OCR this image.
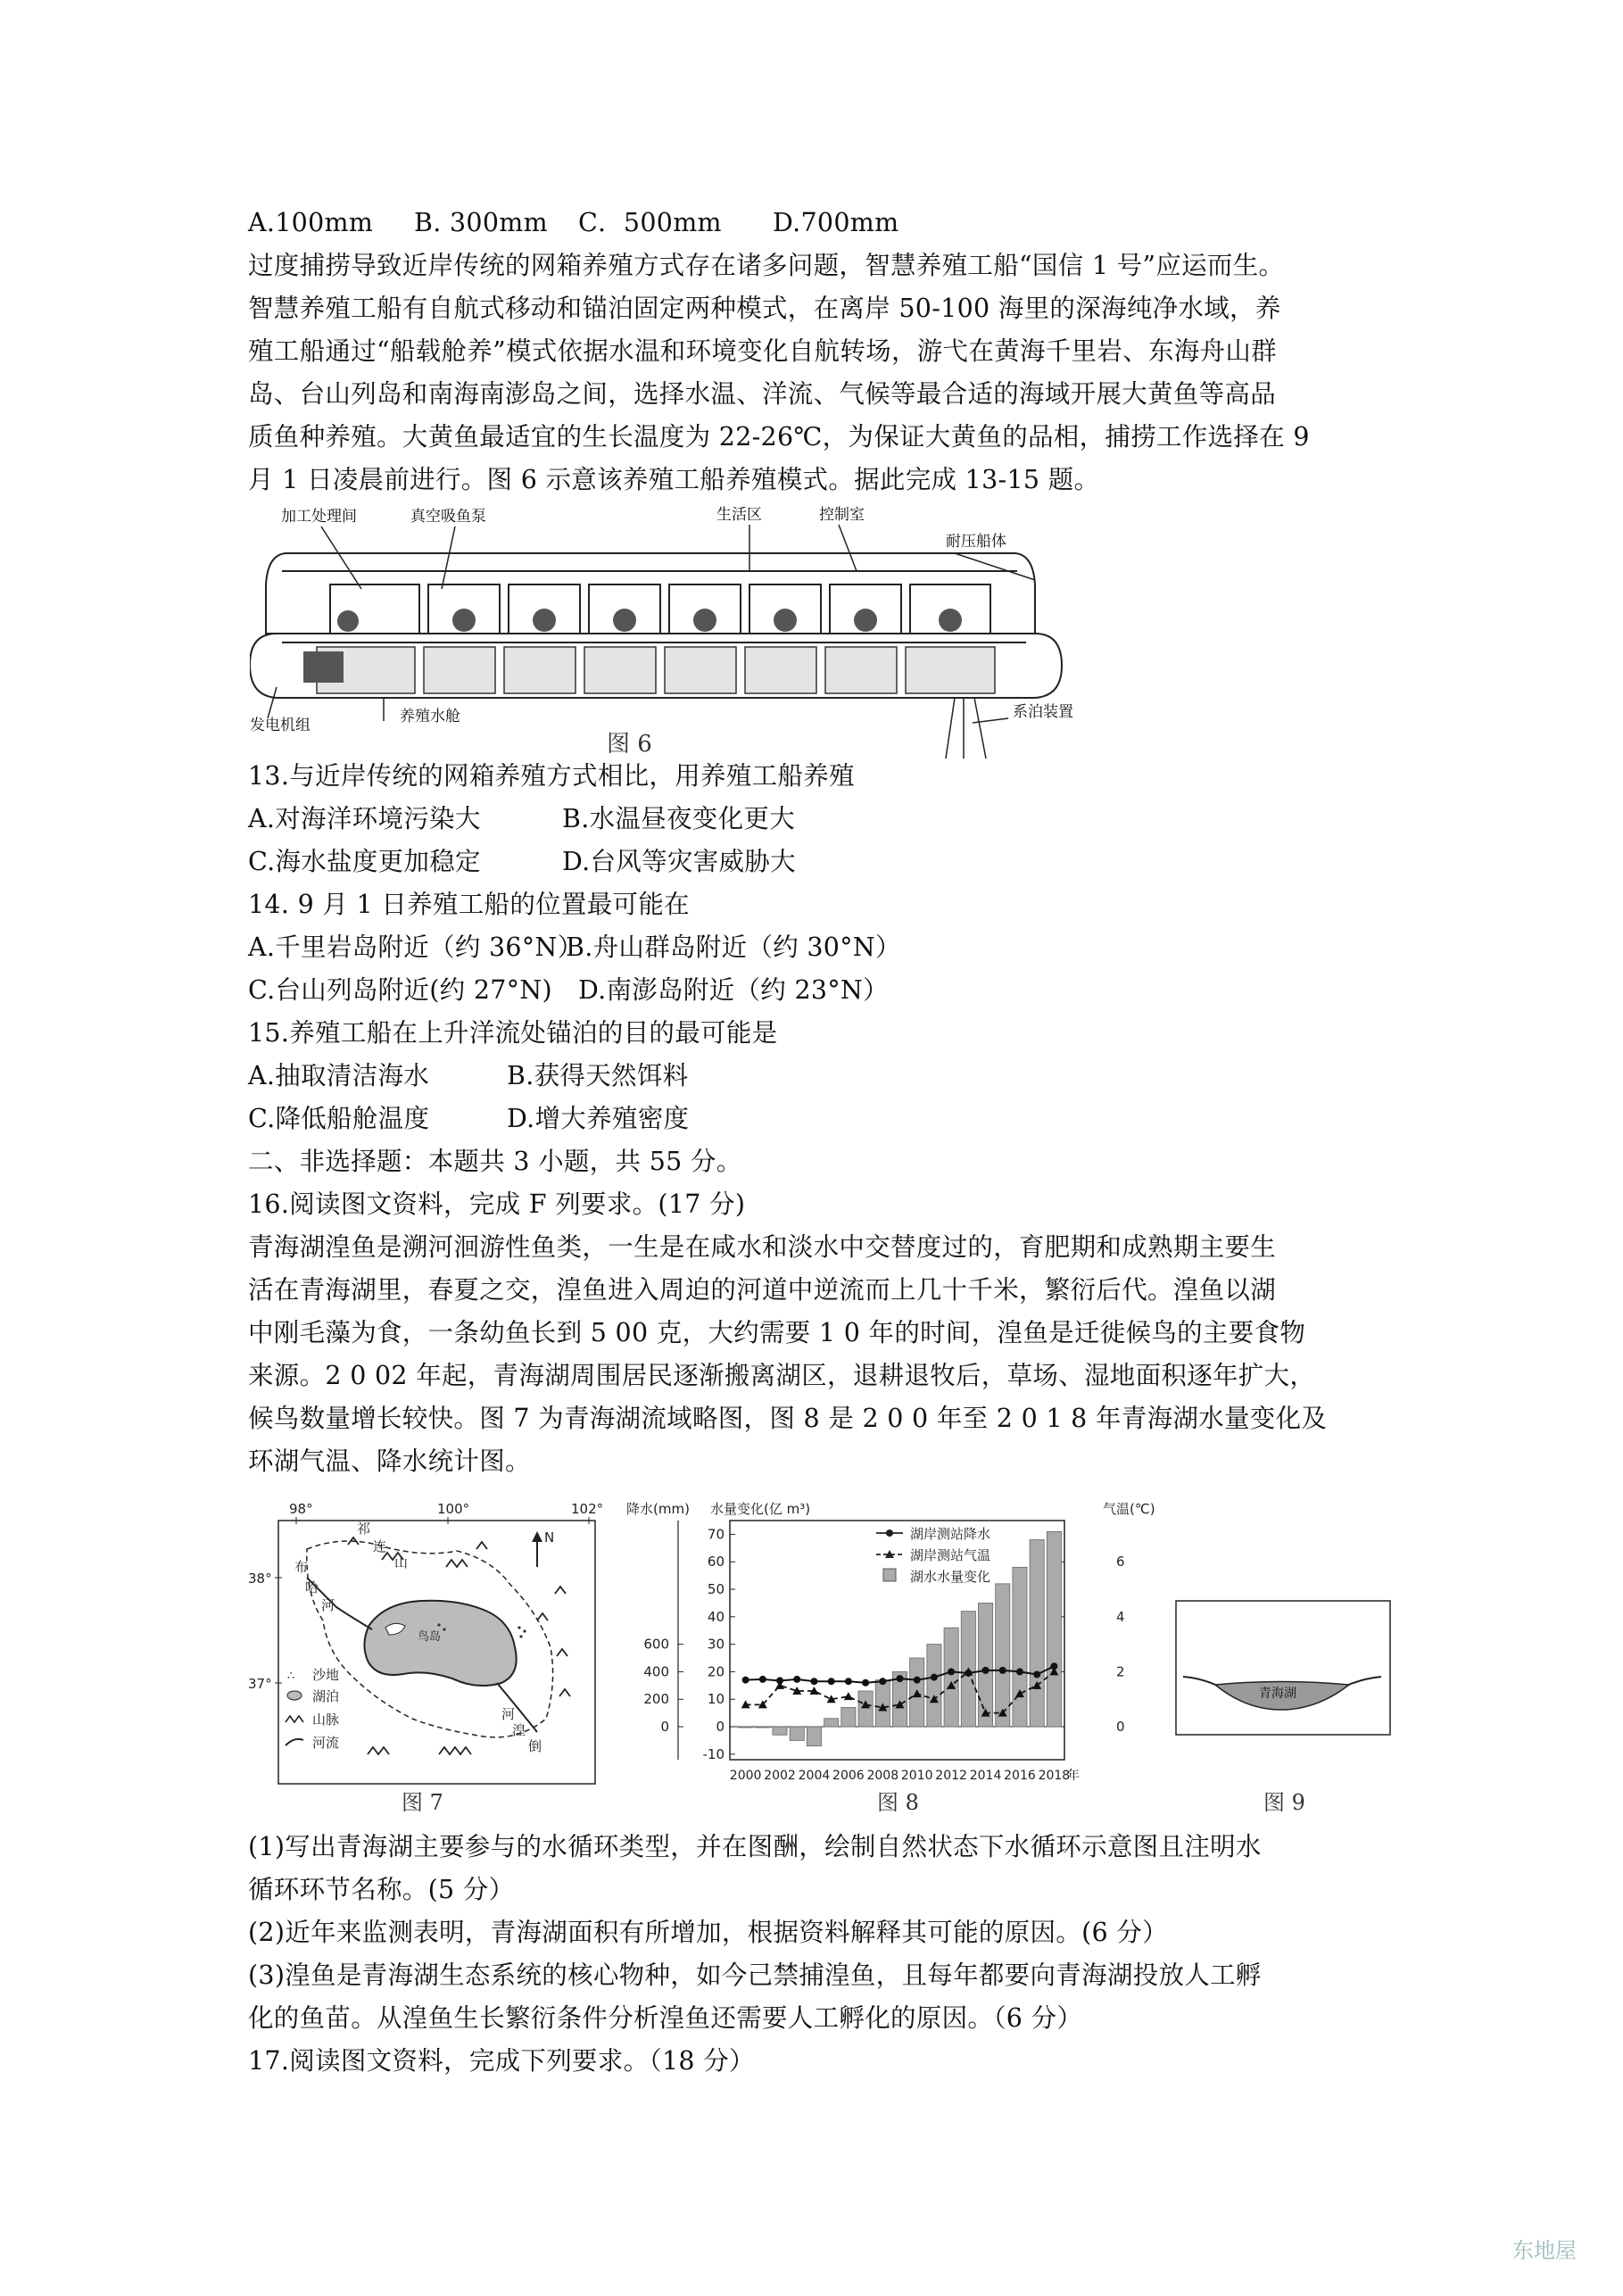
A.100mm B. 300mm C．500mm D.700mm
过度捕捞导致近岸传统的网箱养殖方式存在诸多问题，智慧养殖工船“国信 1 号”应运而生。
智慧养殖工船有自航式移动和锚泊固定两种模式，在离岸 50-100 海里的深海纯净水域，养
殖工船通过“船载舱养”模式依据水温和环境变化自航转场，游弋在黄海千里岩、东海舟山群
岛、台山列岛和南海南澎岛之间，选择水温、洋流、气候等最合适的海域开展大黄鱼等高品
质鱼种养殖。大黄鱼最适宜的生长温度为 22-26℃，为保证大黄鱼的品相，捕捞工作选择在 9
月 1 日凌晨前进行。图 6 示意该养殖工船养殖模式。据此完成 13-15 题。
加工处理间	真空吸鱼泵	生活区	控制室
耐压船体
发电机组	养殖水舱	系泊装置
图 6
13.与近岸传统的网箱养殖方式相比，用养殖工船养殖
A.对海洋环境污染大	B.水温昼夜变化更大
C.海水盐度更加稳定	D.台风等灾害威胁大
14. 9 月 1 日养殖工船的位置最可能在
A.千里岩岛附近（约 36°N）B.舟山群岛附近（约 30°N）
C.台山列岛附近(约 27°N) D.南澎岛附近（约 23°N）
15.养殖工船在上升洋流处锚泊的目的最可能是
A.抽取清洁海水	B.获得天然饵料
C.降低船舱温度	D.增大养殖密度
二、非选择题：本题共 3 小题，共 55 分。
16.阅读图文资料，完成 F 列要求。(17 分)
青海湖湟鱼是溯河洄游性鱼类，一生是在咸水和淡水中交替度过的，育肥期和成熟期主要生
活在青海湖里，春夏之交，湟鱼进入周迫的河道中逆流而上几十千米，繁衍后代。湟鱼以湖
中刚毛藻为食，一条幼鱼长到 5 00 克，大约需要 1 0 年的时间，湟鱼是迁徙候鸟的主要食物
来源。2 0 02 年起，青海湖周围居民逐渐搬离湖区，退耕退牧后，草场、湿地面积逐年扩大，
候鸟数量增长较快。图 7 为青海湖流域略图，图 8 是 2 0 0 年至 2 0 1 8 年青海湖水量变化及
环湖气温、降水统计图。
98°	100°	102°
38°
37°
N
祁
连
山
布
哈
河
鸟岛
河
湟
倒
∴ 沙地
湖泊
山脉
河流
图 7
降水(mm) 水量变化(亿 m³)	气温(℃)
600
400
200
0
70
60
50
40
30
20
10
0
-10
6
4
2
0
2000 2002 2004 2006 2008 2010 2012 2014 2016 2018
年
湖岸测站降水
湖岸测站气温
湖水水量变化
图 8
青海湖
图 9
(1)写出青海湖主要参与的水循环类型，并在图酬，绘制自然状态下水循环示意图且注明水
循环环节名称。(5 分）
(2)近年来监测表明，青海湖面积有所增加，根据资料解释其可能的原因。(6 分）
(3)湟鱼是青海湖生态系统的核心物种，如今己禁捕湟鱼，且每年都要向青海湖投放人工孵
化的鱼苗。从湟鱼生长繁衍条件分析湟鱼还需要人工孵化的原因。（6 分）
17.阅读图文资料，完成下列要求。（18 分）
东地屋
